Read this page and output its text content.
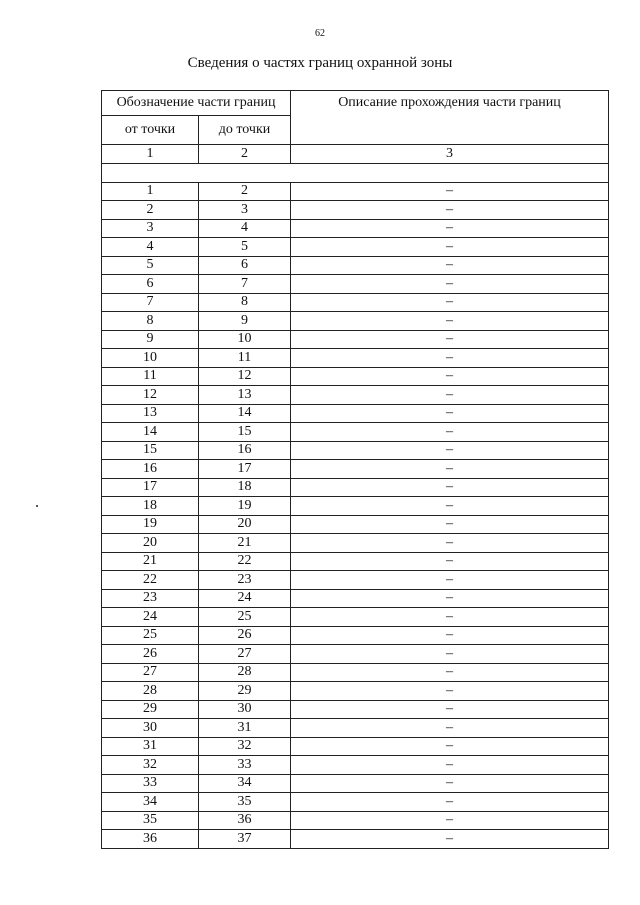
62
Сведения о частях границ охранной зоны
Обозначение части границ		Описание прохождения части границ
от точки	до точки	
1	2	3

1	2	–
2	3	–
3	4	–
4	5	–
5	6	–
6	7	–
7	8	–
8	9	–
9	10	–
10	11	–
11	12	–
12	13	–
13	14	–
14	15	–
15	16	–
16	17	–
17	18	–
18	19	–
19	20	–
20	21	–
21	22	–
22	23	–
23	24	–
24	25	–
25	26	–
26	27	–
27	28	–
28	29	–
29	30	–
30	31	–
31	32	–
32	33	–
33	34	–
34	35	–
35	36	–
36	37	–
